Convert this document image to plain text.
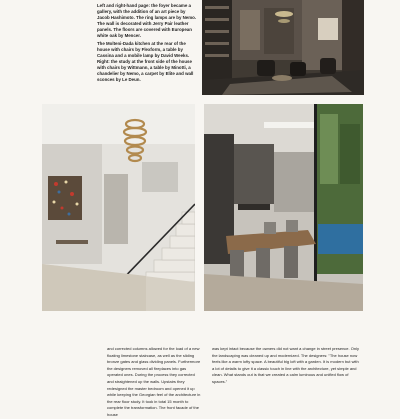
Left and right-hand page: the foyer became a gallery, with the addition of an art piece by Jacob Hashimoto. The ring lamps are by Nemo. The wall is decorated with Jerry Pair leather panels. The floors are covered with European white oak by Mencer.

The Molteni-Dada kitchen at the rear of the house with chairs by Flexform, a table by Cassina and a mobile lamp by David Weeks. Right: the study at the front side of the house with chairs by Wittmann, a table by Minotti, a chandelier by Nemo, a carpet by Elite and wall sconces by Le Deun.

and corrected columns allowed for the load of a new floating limestone staircase, as well as the sliding bronze gates and glass dividing panels. Furthermore the designers removed all fireplaces into gas operated ones. During the process they corrected and straightened up the walls. Upstairs they redesigned the master bedroom and opened it up while keeping the Georgian feel of the architecture in the rear floor study. It took in total 15 month to complete the transformation. The front facade of the house

was kept intact because the owners did not want a change in street presence. Only the landscaping was cleaned up and modernized. The designers: "The house now feels like a warm lofty space. A beautiful big loft with a garden. It is modern but with a lot of details to give it a classic touch in line with the architecture, yet simple and clean. What stands out is that we created a calm luminous and unified flow of spaces."
